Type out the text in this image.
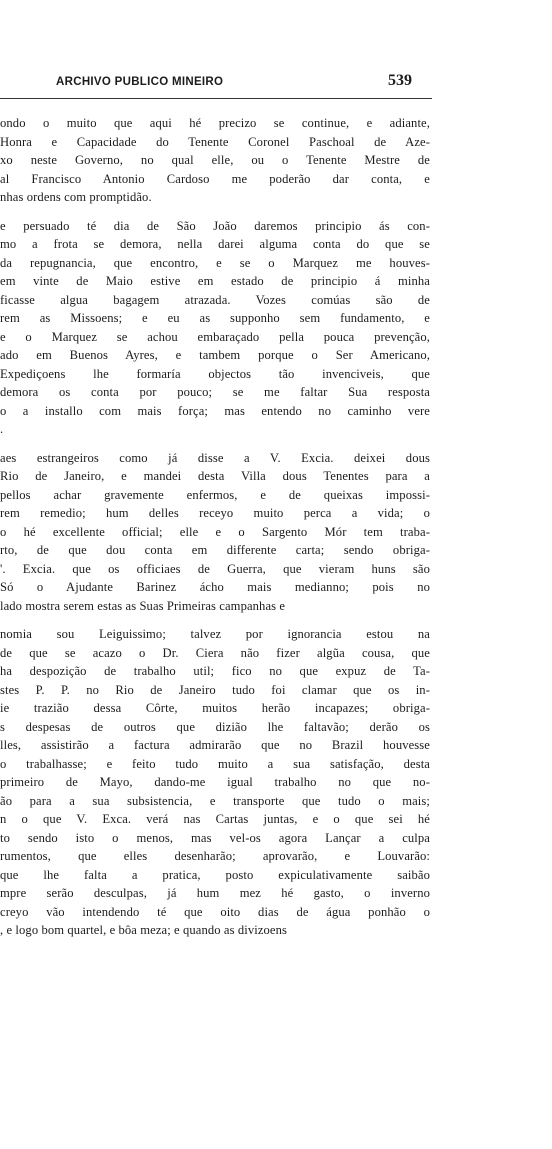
ARCHIVO PUBLICO MINEIRO	539
ondo o muito que aqui hé precizo se continue, e adiante,
Honra e Capacidade do Tenente Coronel Paschoal de Aze-
xo neste Governo, no qual elle, ou o Tenente Mestre de
al Francisco Antonio Cardoso me poderão dar conta, e
nhas ordens com promptidão.
e persuado té dia de São João daremos principio ás con-
mo a frota se demora, nella darei alguma conta do que se
da repugnancia, que encontro, e se o Marquez me houves-
em vinte de Maio estive em estado de principio á minha
ficasse algua bagagem atrazada. Vozes comúas são de
rem as Missoens; e eu as supponho sem fundamento, e
e o Marquez se achou embaraçado pella pouca prevenção,
ado em Buenos Ayres, e tambem porque o Ser Americano,
Expediçoens lhe formaría objectos tão invenciveis, que
demora os conta por pouco; se me faltar Sua resposta
o a installo com mais força; mas entendo no caminho vere
.
aes estrangeiros como já disse a V. Excia. deixei dous
Rio de Janeiro, e mandei desta Villa dous Tenentes para a
pellos achar gravemente enfermos, e de queixas impossi-
rem remedio; hum delles receyo muito perca a vida; o
o hé excellente official; elle e o Sargento Mór tem traba-
rto, de que dou conta em differente carta; sendo obriga-
'. Excia. que os officiaes de Guerra, que vieram huns são
Só o Ajudante Barinez ácho mais medianno; pois no
lado mostra serem estas as Suas Primeiras campanhas e
nomia sou Leiguissimo; talvez por ignorancia estou na
de que se acazo o Dr. Ciera não fizer algũa cousa, que
ha despozição de trabalho util; fico no que expuz de Ta-
stes P. P. no Rio de Janeiro tudo foi clamar que os in-
ie trazião dessa Côrte, muitos herão incapazes; obriga-
s despesas de outros que dizião lhe faltavão; derão os
lles, assistirão a factura admirarão que no Brazil houvesse
o trabalhasse; e feito tudo muito a sua satisfação, desta
primeiro de Mayo, dando-me igual trabalho no que no-
ão para a sua subsistencia, e transporte que tudo o mais;
n o que V. Exca. verá nas Cartas juntas, e o que sei hé
to sendo isto o menos, mas vel-os agora Lançar a culpa
rumentos, que elles desenharão; aprovarão, e Louvarão:
que lhe falta a pratica, posto expiculativamente saibão
mpre serão desculpas, já hum mez hé gasto, o inverno
creyo vão intendendo té que oito dias de água ponhão o
, e logo bom quartel, e bôa meza; e quando as divizoens
